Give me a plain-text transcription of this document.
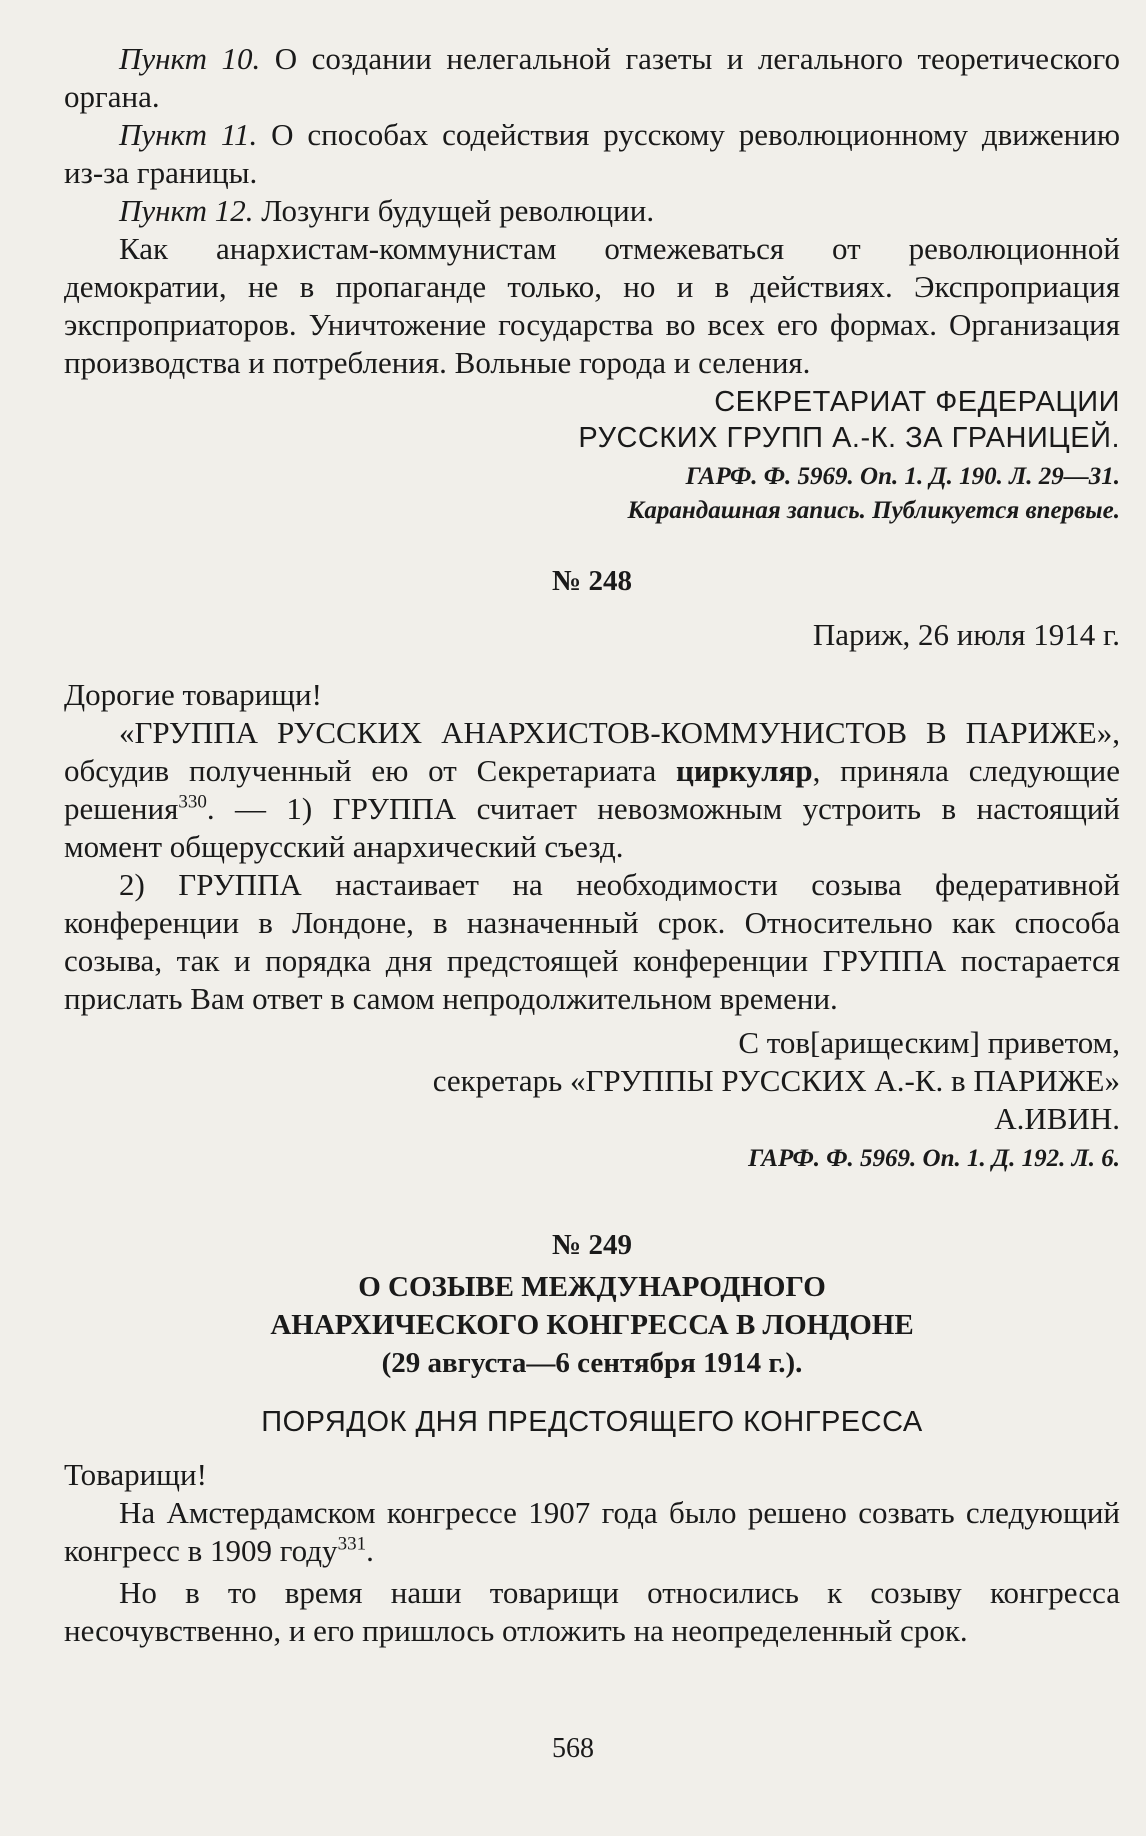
Пункт 10. О создании нелегальной газеты и легального теоретического органа.

Пункт 11. О способах содействия русскому революционному движению из-за границы.

Пункт 12. Лозунги будущей революции.

Как анархистам-коммунистам отмежеваться от революционной демократии, не в пропаганде только, но и в действиях. Экспроприация экспроприаторов. Уничтожение государства во всех его формах. Организация производства и потребления. Вольные города и селения.

СЕКРЕТАРИАТ ФЕДЕРАЦИИ

РУССКИХ ГРУПП А.-К. ЗА ГРАНИЦЕЙ.

ГАРФ. Ф. 5969. Оп. 1. Д. 190. Л. 29—31.

Карандашная запись. Публикуется впервые.

№ 248

Париж, 26 июля 1914 г.

Дорогие товарищи!

«ГРУППА РУССКИХ АНАРХИСТОВ-КОММУНИСТОВ В ПАРИЖЕ», обсудив полученный ею от Секретариата циркуляр, приняла следующие решения$^{330}$. — 1) ГРУППА считает невозможным устроить в настоящий момент общерусский анархический съезд.

2) ГРУППА настаивает на необходимости созыва федеративной конференции в Лондоне, в назначенный срок. Относительно как способа созыва, так и порядка дня предстоящей конференции ГРУППА постарается прислать Вам ответ в самом непродолжительном времени.

С тов[арищеским] приветом,

секретарь «ГРУППЫ РУССКИХ А.-К. в ПАРИЖЕ»

А.ИВИН.

ГАРФ. Ф. 5969. Оп. 1. Д. 192. Л. 6.

№ 249

О СОЗЫВЕ МЕЖДУНАРОДНОГО

АНАРХИЧЕСКОГО КОНГРЕССА В ЛОНДОНЕ

(29 августа—6 сентября 1914 г.).

ПОРЯДОК ДНЯ ПРЕДСТОЯЩЕГО КОНГРЕССА

Товарищи!

На Амстердамском конгрессе 1907 года было решено созвать следующий конгресс в 1909 году$^{331}$.

Но в то время наши товарищи относились к созыву конгресса несочувственно, и его пришлось отложить на неопределенный срок.

568
